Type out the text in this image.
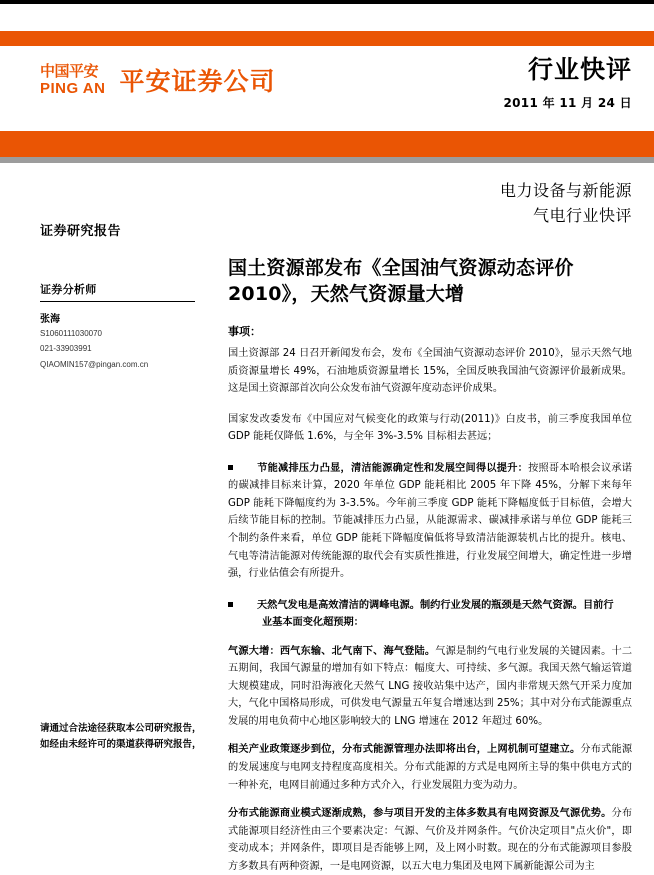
中国平安
PING AN 平安证券公司	行业快评
2011 年 11 月 24 日
证券研究报告
证券分析师
张海
S1060111030070
021-33903991
QIAOMIN157@pingan.com.cn
请通过合法途径获取本公司研究报告，
如经由未经许可的渠道获得研究报告，
电力设备与新能源
气电行业快评
国土资源部发布《全国油气资源动态评价 2010》，天然气资源量大增
事项：

国土资源部 24 日召开新闻发布会，发布《全国油气资源动态评价 2010》，显示天然气地质资源量增长 49%，石油地质资源量增长 15%，全国反映我国油气资源评价最新成果。这是国土资源部首次向公众发布油气资源年度动态评价成果。

国家发改委发布《中国应对气候变化的政策与行动(2011)》白皮书，前三季度我国单位 GDP 能耗仅降低 1.6%，与全年 3%-3.5% 目标相去甚远；

节能减排压力凸显，清洁能源确定性和发展空间得以提升：按照哥本哈根会议承诺的碳减排目标来计算，2020 年单位 GDP 能耗相比 2005 年下降 45%，分解下来每年 GDP 能耗下降幅度约为 3-3.5%。今年前三季度 GDP 能耗下降幅度低于目标值，会增大后续节能目标的控制。节能减排压力凸显，从能源需求、碳减排承诺与单位 GDP 能耗三个制约条件来看，单位 GDP 能耗下降幅度偏低将导致清洁能源装机占比的提升。核电、气电等清洁能源对传统能源的取代会有实质性推进，行业发展空间增大，确定性进一步增强，行业估值会有所提升。

天然气发电是高效清洁的调峰电源。制约行业发展的瓶颈是天然气资源。目前行

业基本面变化超预期：

气源大增：西气东输、北气南下、海气登陆。气源是制约气电行业发展的关键因素。十二五期间，我国气源量的增加有如下特点：幅度大、可持续、多气源。我国天然气输运管道大规模建成，同时沿海液化天然气 LNG 接收站集中达产，国内非常规天然气开采力度加大，气化中国格局形成，可供发电气源量五年复合增速达到 25%；其中对分布式能源重点发展的用电负荷中心地区影响较大的 LNG 增速在 2012 年超过 60%。

相关产业政策逐步到位，分布式能源管理办法即将出台，上网机制可望建立。分布式能源的发展速度与电网支持程度高度相关。分布式能源的方式是电网所主导的集中供电方式的一种补充，电网目前通过多种方式介入，行业发展阻力变为动力。

分布式能源商业模式逐渐成熟，参与项目开发的主体多数具有电网资源及气源优势。分布式能源项目经济性由三个要素决定：气源、气价及并网条件。气价决定项目"点火价"，即变动成本；并网条件，即项目是否能够上网，及上网小时数。现在的分布式能源项目参股方多数具有两种资源，一是电网资源，以五大电力集团及电网下属新能源公司为主
